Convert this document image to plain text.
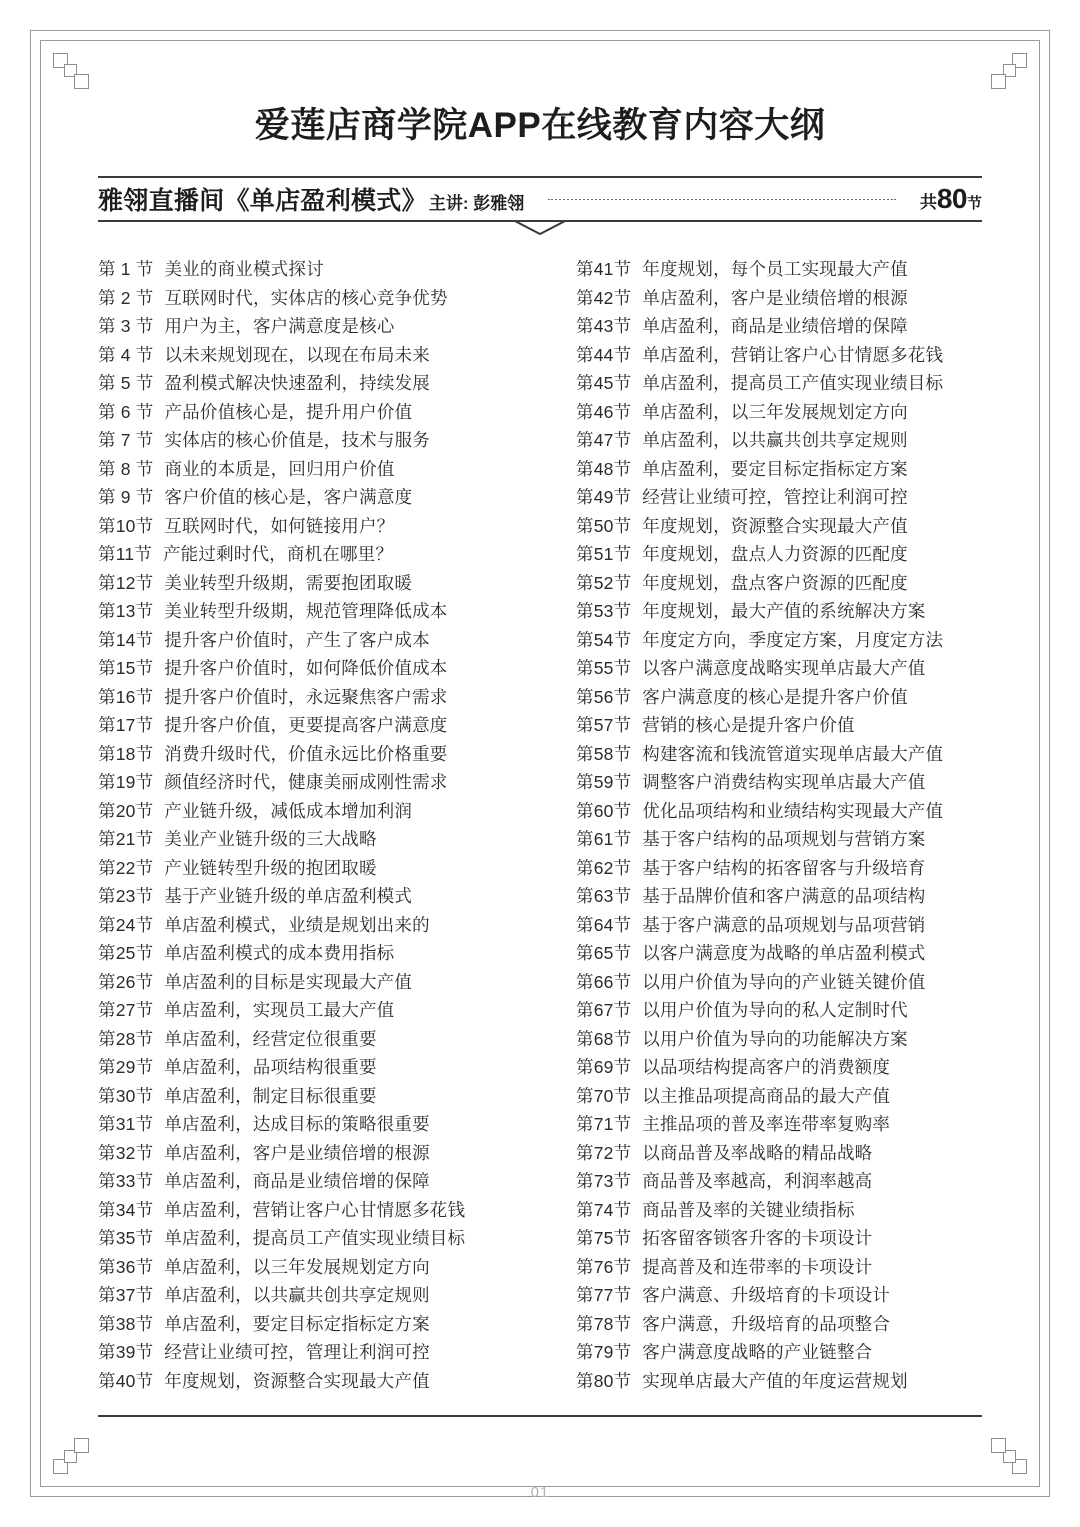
爱莲店商学院APP在线教育内容大纲
雅翎直播间《单店盈利模式》 主讲: 彭雅翎	共 80 节
第 1 节 美业的商业模式探讨
第 2 节 互联网时代，实体店的核心竞争优势
第 3 节 用户为主，客户满意度是核心
第 4 节 以未来规划现在，以现在布局未来
第 5 节 盈利模式解决快速盈利，持续发展
第 6 节 产品价值核心是，提升用户价值
第 7 节 实体店的核心价值是，技术与服务
第 8 节 商业的本质是，回归用户价值
第 9 节 客户价值的核心是，客户满意度
第10节 互联网时代，如何链接用户？
第11节 产能过剩时代，商机在哪里？
第12节 美业转型升级期，需要抱团取暖
第13节 美业转型升级期，规范管理降低成本
第14节 提升客户价值时，产生了客户成本
第15节 提升客户价值时，如何降低价值成本
第16节 提升客户价值时，永远聚焦客户需求
第17节 提升客户价值，更要提高客户满意度
第18节 消费升级时代，价值永远比价格重要
第19节 颜值经济时代，健康美丽成刚性需求
第20节 产业链升级，减低成本增加利润
第21节 美业产业链升级的三大战略
第22节 产业链转型升级的抱团取暖
第23节 基于产业链升级的单店盈利模式
第24节 单店盈利模式，业绩是规划出来的
第25节 单店盈利模式的成本费用指标
第26节 单店盈利的目标是实现最大产值
第27节 单店盈利，实现员工最大产值
第28节 单店盈利，经营定位很重要
第29节 单店盈利，品项结构很重要
第30节 单店盈利，制定目标很重要
第31节 单店盈利，达成目标的策略很重要
第32节 单店盈利，客户是业绩倍增的根源
第33节 单店盈利，商品是业绩倍增的保障
第34节 单店盈利，营销让客户心甘情愿多花钱
第35节 单店盈利，提高员工产值实现业绩目标
第36节 单店盈利，以三年发展规划定方向
第37节 单店盈利，以共赢共创共享定规则
第38节 单店盈利，要定目标定指标定方案
第39节 经营让业绩可控，管理让利润可控
第40节 年度规划，资源整合实现最大产值
第41节 年度规划，每个员工实现最大产值
第42节 单店盈利，客户是业绩倍增的根源
第43节 单店盈利，商品是业绩倍增的保障
第44节 单店盈利，营销让客户心甘情愿多花钱
第45节 单店盈利，提高员工产值实现业绩目标
第46节 单店盈利，以三年发展规划定方向
第47节 单店盈利，以共赢共创共享定规则
第48节 单店盈利，要定目标定指标定方案
第49节 经营让业绩可控，管控让利润可控
第50节 年度规划，资源整合实现最大产值
第51节 年度规划，盘点人力资源的匹配度
第52节 年度规划，盘点客户资源的匹配度
第53节 年度规划，最大产值的系统解决方案
第54节 年度定方向，季度定方案，月度定方法
第55节 以客户满意度战略实现单店最大产值
第56节 客户满意度的核心是提升客户价值
第57节 营销的核心是提升客户价值
第58节 构建客流和钱流管道实现单店最大产值
第59节 调整客户消费结构实现单店最大产值
第60节 优化品项结构和业绩结构实现最大产值
第61节 基于客户结构的品项规划与营销方案
第62节 基于客户结构的拓客留客与升级培育
第63节 基于品牌价值和客户满意的品项结构
第64节 基于客户满意的品项规划与品项营销
第65节 以客户满意度为战略的单店盈利模式
第66节 以用户价值为导向的产业链关键价值
第67节 以用户价值为导向的私人定制时代
第68节 以用户价值为导向的功能解决方案
第69节 以品项结构提高客户的消费额度
第70节 以主推品项提高商品的最大产值
第71节 主推品项的普及率连带率复购率
第72节 以商品普及率战略的精品战略
第73节 商品普及率越高，利润率越高
第74节 商品普及率的关键业绩指标
第75节 拓客留客锁客升客的卡项设计
第76节 提高普及和连带率的卡项设计
第77节 客户满意、升级培育的卡项设计
第78节 客户满意，升级培育的品项整合
第79节 客户满意度战略的产业链整合
第80节 实现单店最大产值的年度运营规划
01
